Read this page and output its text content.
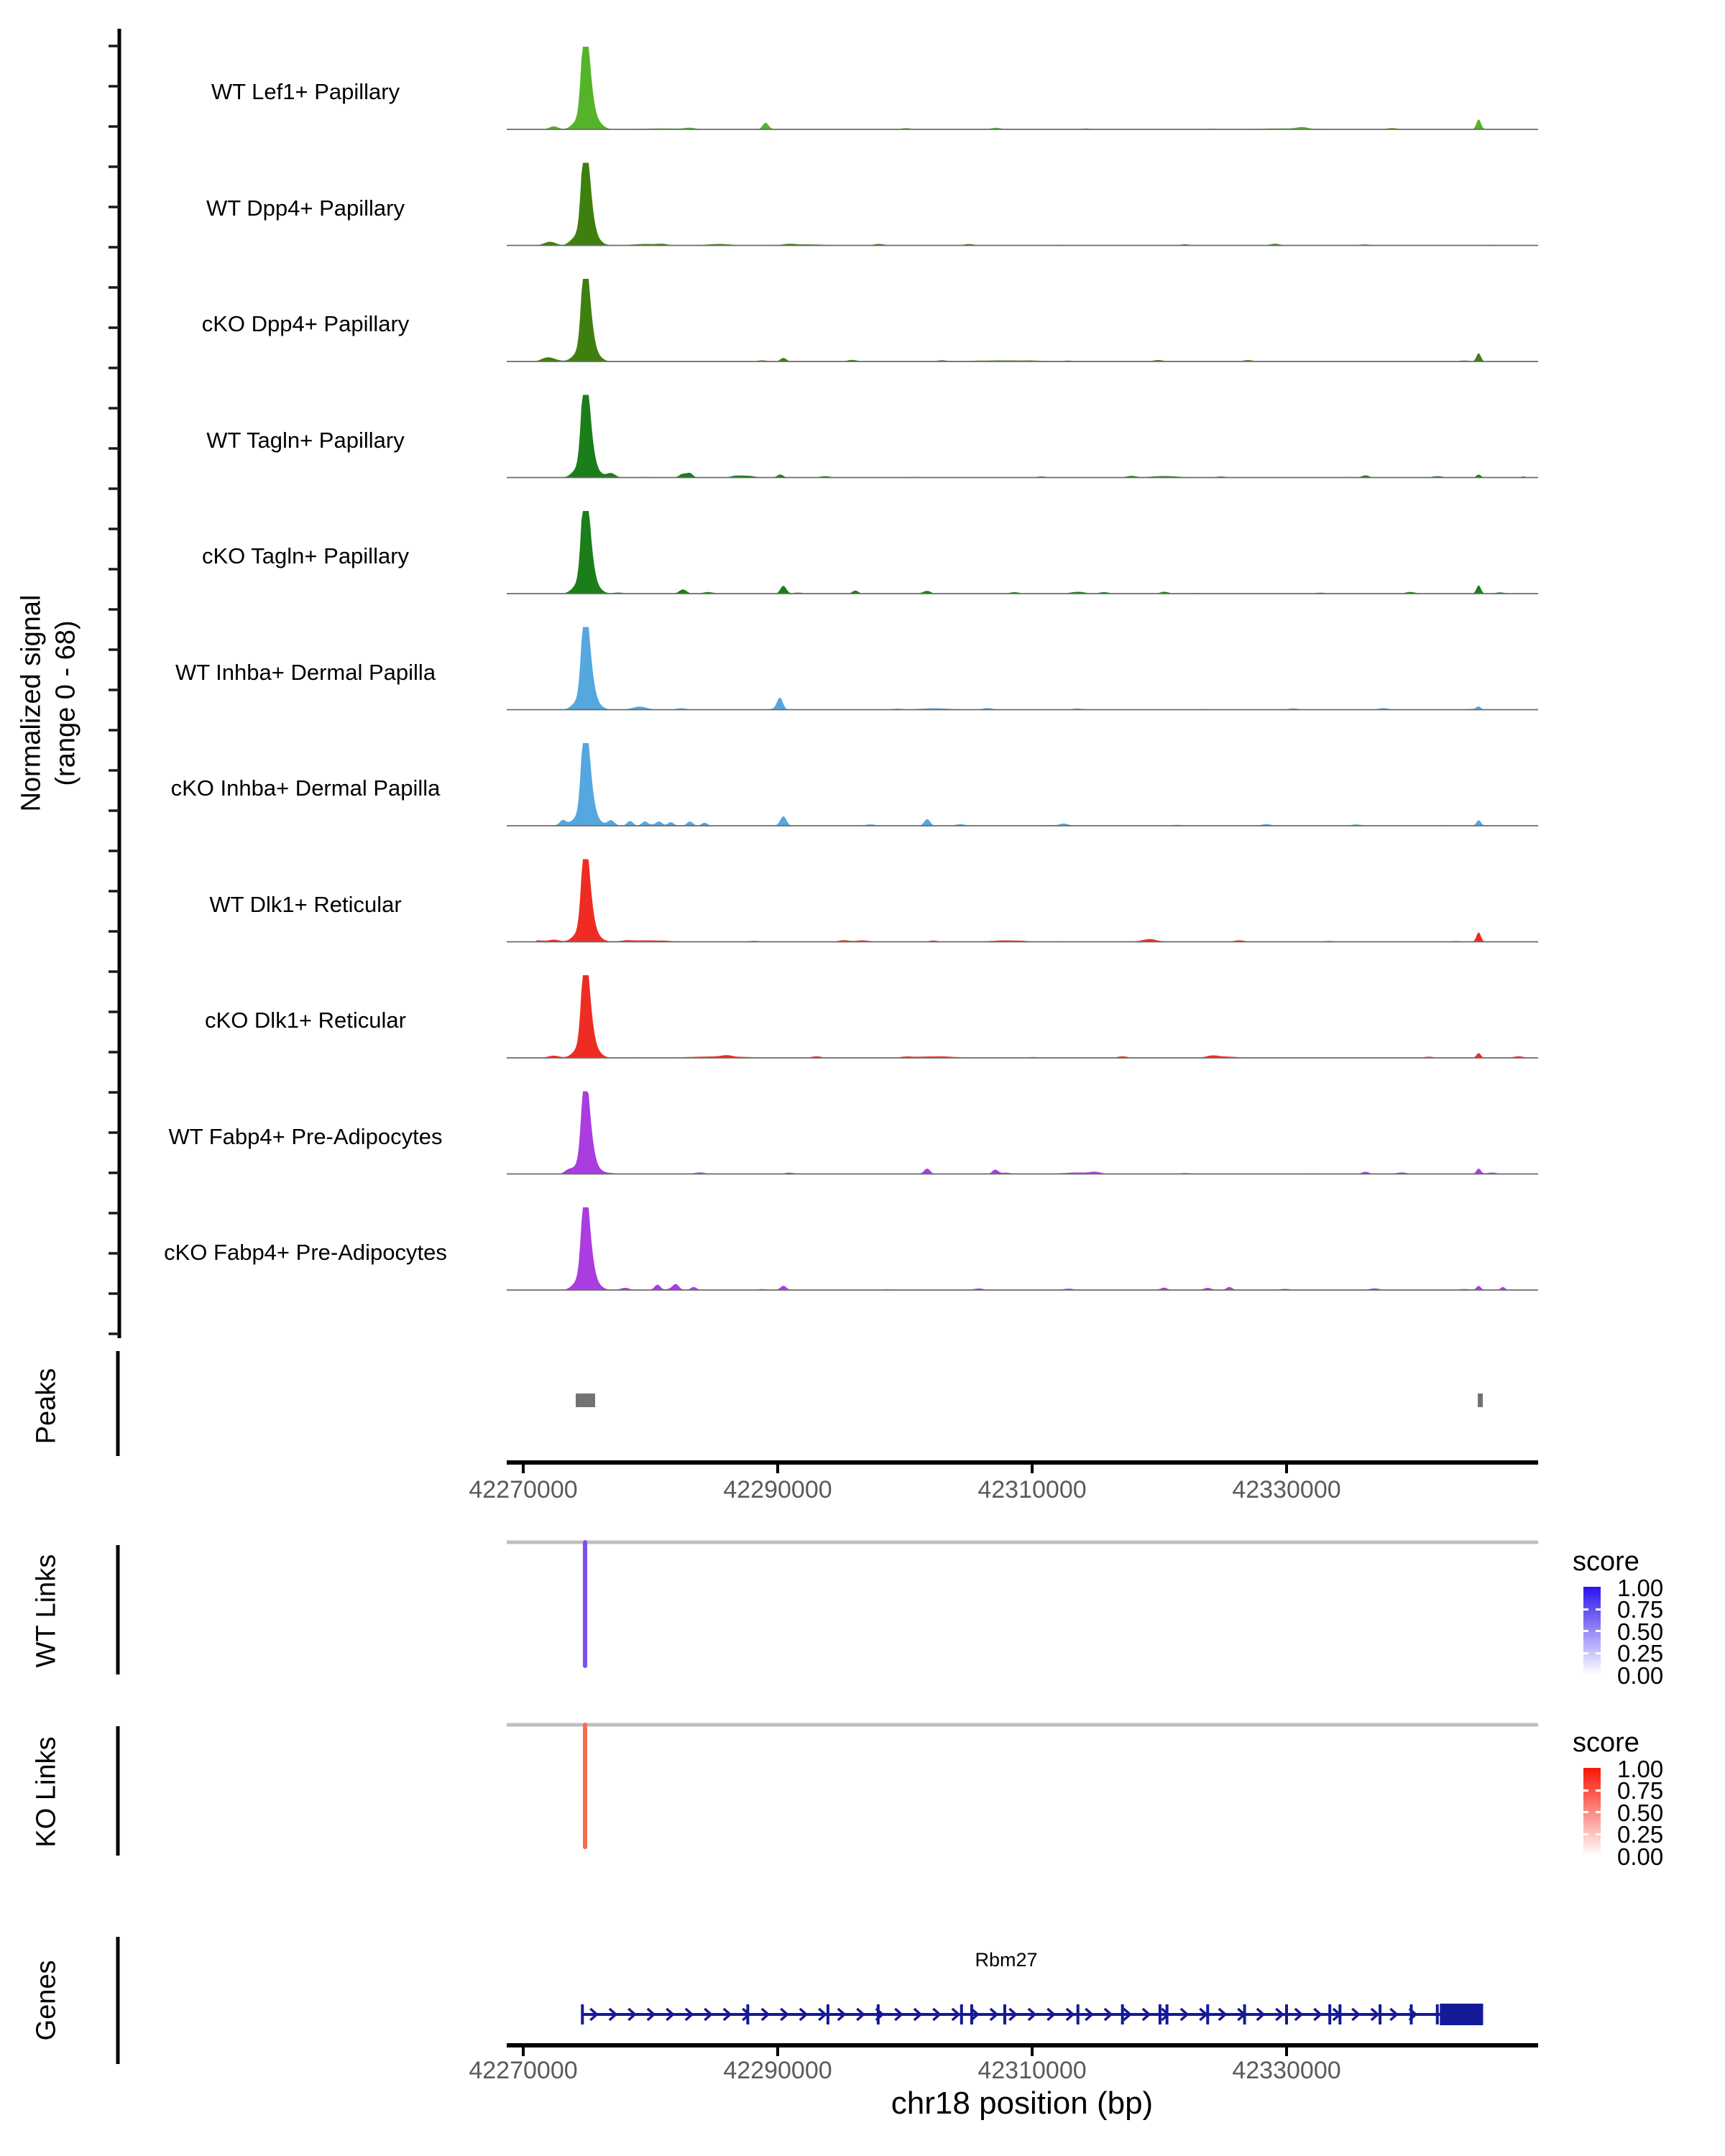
Normalized signal (range 0 - 68)
Peaks
WT Links
KO Links
Genes
score
1.00
0.75
0.50
0.25
0.00
score
1.00
0.75
0.50
0.25
0.00
Rbm27
chr18 position (bp)
WT Lef1+ Papillary
WT Dpp4+ Papillary
cKO Dpp4+ Papillary
WT Tagln+ Papillary
cKO Tagln+ Papillary
WT Inhba+ Dermal Papilla
cKO Inhba+ Dermal Papilla
WT Dlk1+ Reticular
cKO Dlk1+ Reticular
WT Fabp4+ Pre-Adipocytes
cKO Fabp4+ Pre-Adipocytes
42270000	42290000	42310000	42330000
42270000	42290000	42310000	42330000
